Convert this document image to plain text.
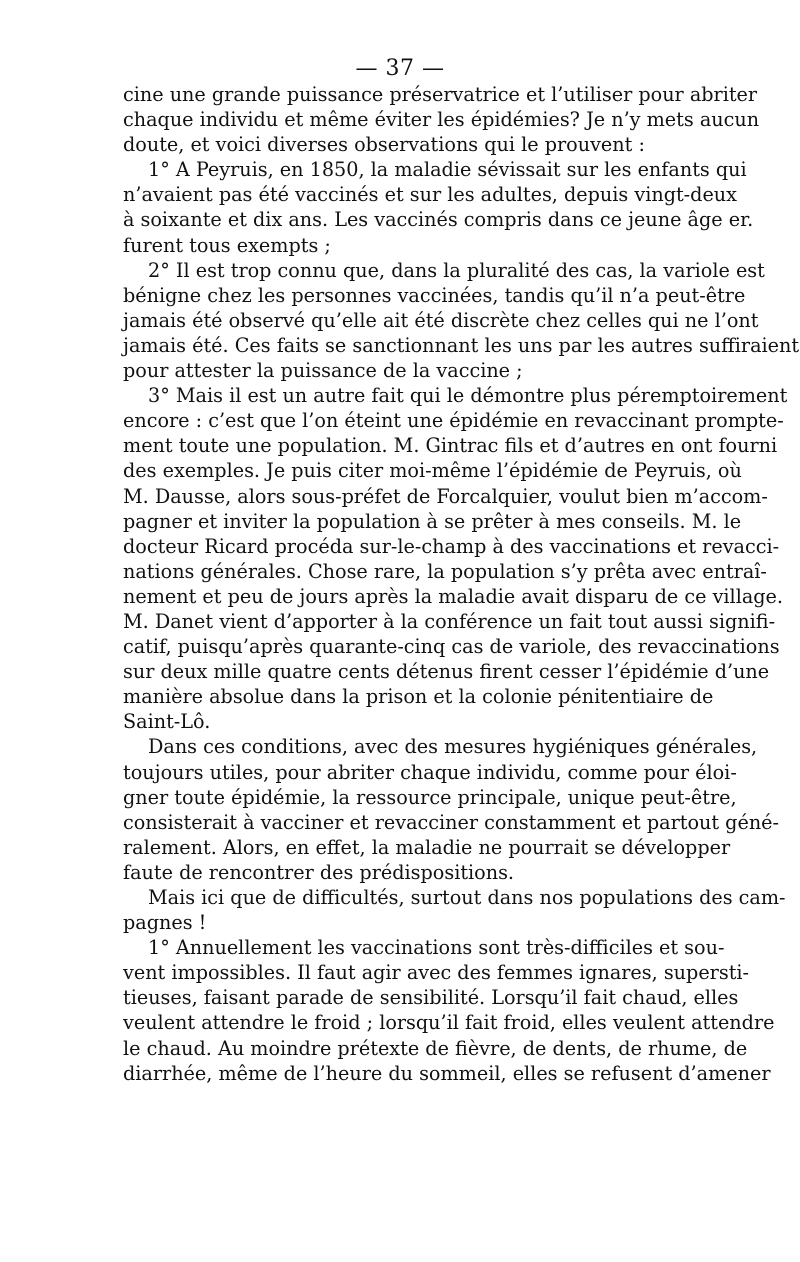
— 37 —
cine une grande puissance préservatrice et l’utiliser pour abriter
chaque individu et même éviter les épidémies? Je n’y mets aucun
doute, et voici diverses observations qui le prouvent :
1° A Peyruis, en 1850, la maladie sévissait sur les enfants qui
n’avaient pas été vaccinés et sur les adultes, depuis vingt-deux
à soixante et dix ans. Les vaccinés compris dans ce jeune âge er.
furent tous exempts ;
2° Il est trop connu que, dans la pluralité des cas, la variole est
bénigne chez les personnes vaccinées, tandis qu’il n’a peut-être
jamais été observé qu’elle ait été discrète chez celles qui ne l’ont
jamais été. Ces faits se sanctionnant les uns par les autres suffiraient
pour attester la puissance de la vaccine ;
3° Mais il est un autre fait qui le démontre plus péremptoirement
encore : c’est que l’on éteint une épidémie en revaccinant prompte-
ment toute une population. M. Gintrac fils et d’autres en ont fourni
des exemples. Je puis citer moi-même l’épidémie de Peyruis, où
M. Dausse, alors sous-préfet de Forcalquier, voulut bien m’accom-
pagner et inviter la population à se prêter à mes conseils. M. le
docteur Ricard procéda sur-le-champ à des vaccinations et revacci-
nations générales. Chose rare, la population s’y prêta avec entraî-
nement et peu de jours après la maladie avait disparu de ce village.
M. Danet vient d’apporter à la conférence un fait tout aussi signifi-
catif, puisqu’après quarante-cinq cas de variole, des revaccinations
sur deux mille quatre cents détenus firent cesser l’épidémie d’une
manière absolue dans la prison et la colonie pénitentiaire de
Saint-Lô.
Dans ces conditions, avec des mesures hygiéniques générales,
toujours utiles, pour abriter chaque individu, comme pour éloi-
gner toute épidémie, la ressource principale, unique peut-être,
consisterait à vacciner et revacciner constamment et partout géné-
ralement. Alors, en effet, la maladie ne pourrait se développer
faute de rencontrer des prédispositions.
Mais ici que de difficultés, surtout dans nos populations des cam-
pagnes !
1° Annuellement les vaccinations sont très-difficiles et sou-
vent impossibles. Il faut agir avec des femmes ignares, supersti-
tieuses, faisant parade de sensibilité. Lorsqu’il fait chaud, elles
veulent attendre le froid ; lorsqu’il fait froid, elles veulent attendre
le chaud. Au moindre prétexte de fièvre, de dents, de rhume, de
diarrhée, même de l’heure du sommeil, elles se refusent d’amener
